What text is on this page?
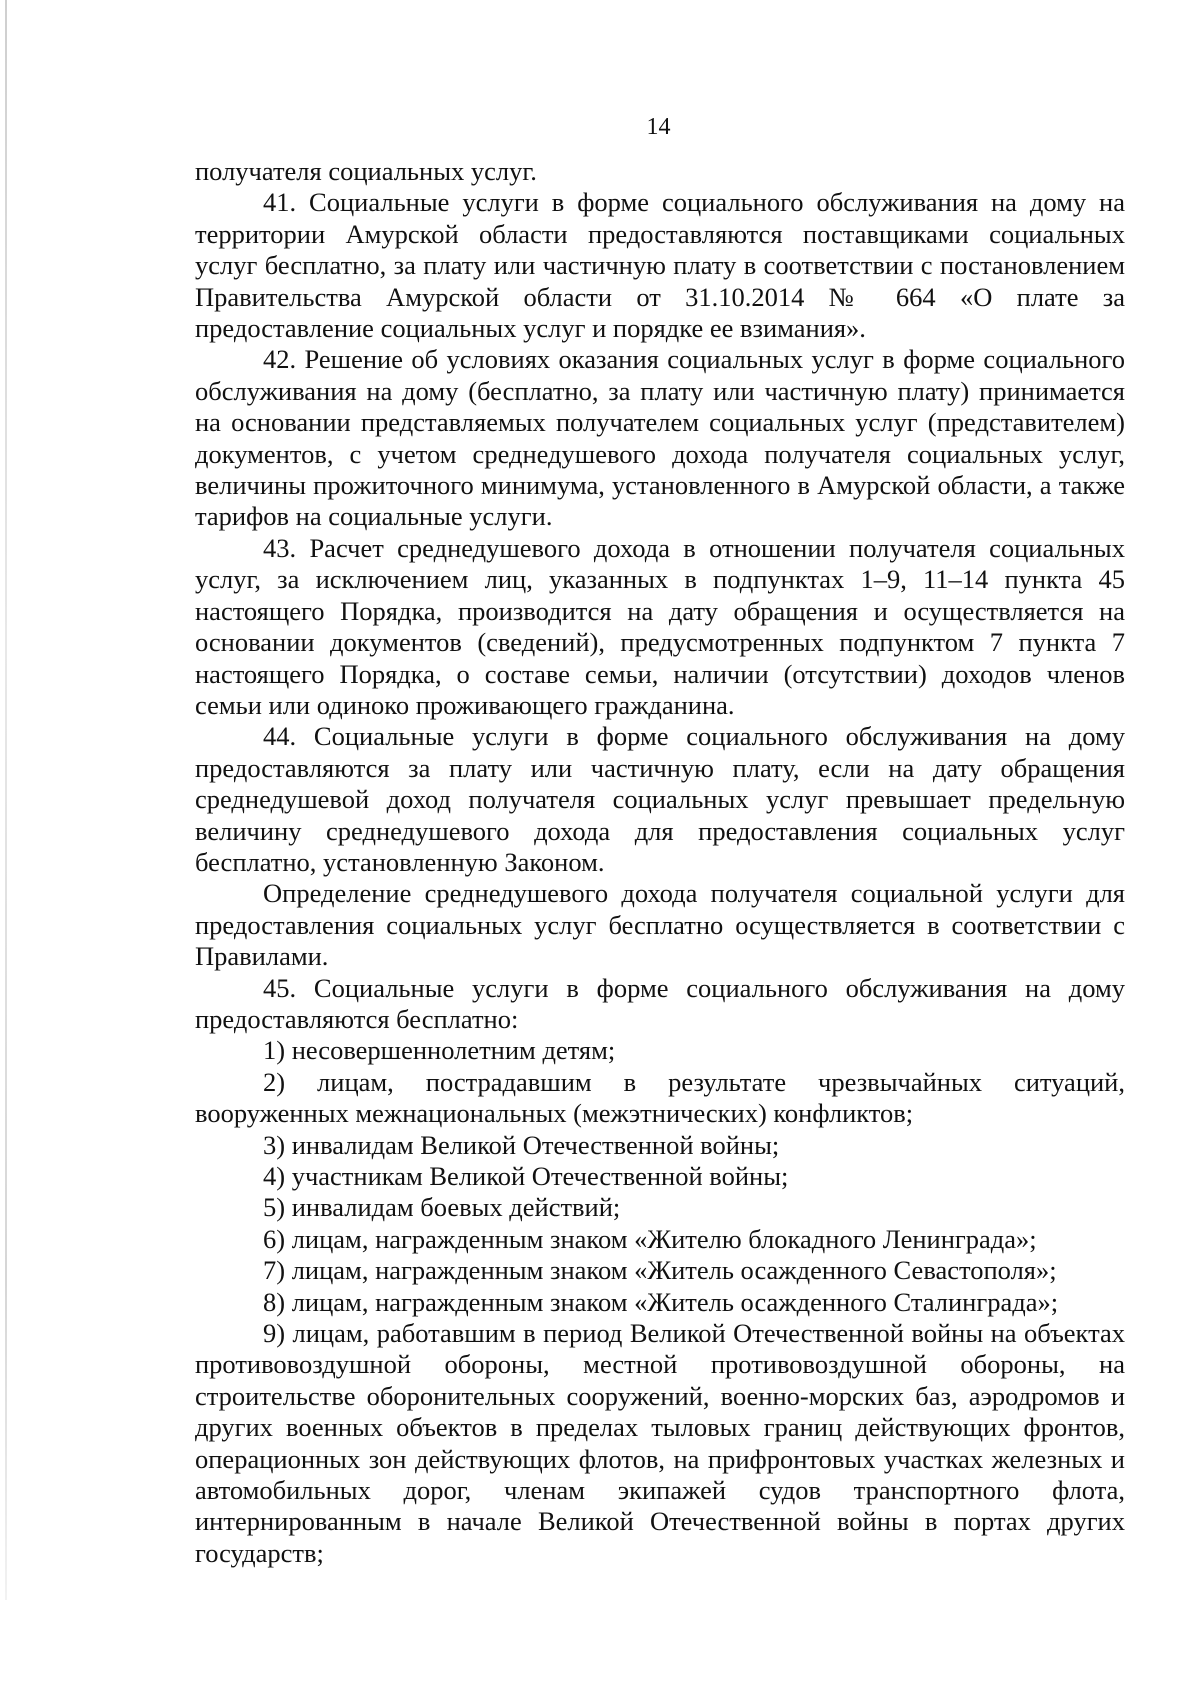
14

получателя социальных услуг.

41. Социальные услуги в форме социального обслуживания на дому на территории Амурской области предоставляются поставщиками социальных услуг бесплатно, за плату или частичную плату в соответствии с постановлением Правительства Амурской области от 31.10.2014 № 664 «О плате за предоставление социальных услуг и порядке ее взимания».

42. Решение об условиях оказания социальных услуг в форме социального обслуживания на дому (бесплатно, за плату или частичную плату) принимается на основании представляемых получателем социальных услуг (представителем) документов, с учетом среднедушевого дохода получателя социальных услуг, величины прожиточного минимума, установленного в Амурской области, а также тарифов на социальные услуги.

43. Расчет среднедушевого дохода в отношении получателя социальных услуг, за исключением лиц, указанных в подпунктах 1–9, 11–14 пункта 45 настоящего Порядка, производится на дату обращения и осуществляется на основании документов (сведений), предусмотренных подпунктом 7 пункта 7 настоящего Порядка, о составе семьи, наличии (отсутствии) доходов членов семьи или одиноко проживающего гражданина.

44. Социальные услуги в форме социального обслуживания на дому предоставляются за плату или частичную плату, если на дату обращения среднедушевой доход получателя социальных услуг превышает предельную величину среднедушевого дохода для предоставления социальных услуг бесплатно, установленную Законом.

Определение среднедушевого дохода получателя социальной услуги для предоставления социальных услуг бесплатно осуществляется в соответствии с Правилами.

45. Социальные услуги в форме социального обслуживания на дому предоставляются бесплатно:

1) несовершеннолетним детям;

2) лицам, пострадавшим в результате чрезвычайных ситуаций, вооруженных межнациональных (межэтнических) конфликтов;

3) инвалидам Великой Отечественной войны;

4) участникам Великой Отечественной войны;

5) инвалидам боевых действий;

6) лицам, награжденным знаком «Жителю блокадного Ленинграда»;

7) лицам, награжденным знаком «Житель осажденного Севастополя»;

8) лицам, награжденным знаком «Житель осажденного Сталинграда»;

9) лицам, работавшим в период Великой Отечественной войны на объектах противовоздушной обороны, местной противовоздушной обороны, на строительстве оборонительных сооружений, военно-морских баз, аэродромов и других военных объектов в пределах тыловых границ действующих фронтов, операционных зон действующих флотов, на прифронтовых участках железных и автомобильных дорог, членам экипажей судов транспортного флота, интернированным в начале Великой Отечественной войны в портах других государств;
